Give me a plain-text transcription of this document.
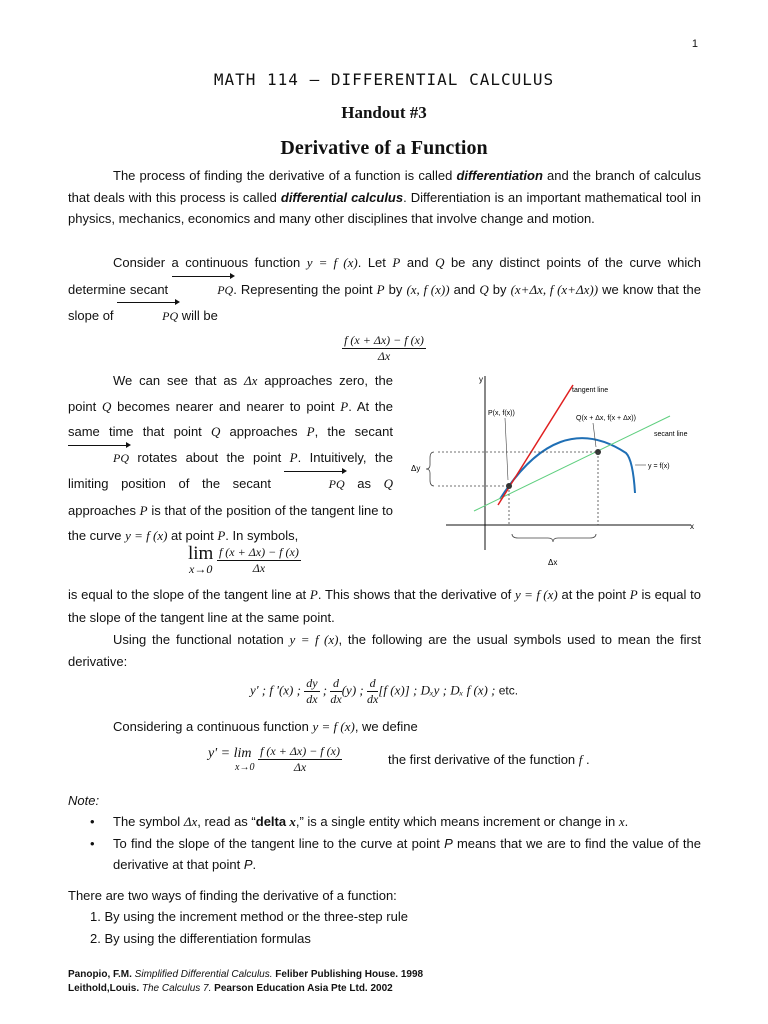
1
MATH 114 – DIFFERENTIAL CALCULUS
Handout #3
Derivative of a Function
The process of finding the derivative of a function is called differentiation and the branch of calculus that deals with this process is called differential calculus. Differentiation is an important mathematical tool in physics, mechanics, economics and many other disciplines that involve change and motion.
Consider a continuous function y = f (x). Let P and Q be any distinct points of the curve which determine secant	PQ. Representing the point P by (x, f (x)) and Q by (x+Δx, f (x+Δx)) we know that the slope of	PQ will be
$\frac{f (x + \Delta x) - f (x)}{\Delta x}$
We can see that as Δx approaches zero, the point Q becomes nearer and nearer to point P. At the same time that point Q approaches P, the secant PQ rotates about the point P. Intuitively, the limiting position of the secant	PQ as Q approaches P is that of the position of the tangent line to the curve y = f (x) at point P. In symbols,
y
x
Δy
Δx
tangent line
secant line
P(x, f(x))
Q(x + Δx, f(x + Δx))
y = f(x)
lim
x→0
$\frac{f (x + \Delta x) - f (x)}{\Delta x}$
is equal to the slope of the tangent line at P. This shows that the derivative of y = f (x) at the point P is equal to the slope of the tangent line at the same point.
Using the functional notation y = f (x), the following are the usual symbols used to mean the first derivative:
y' ; f '(x) ; $\frac{dy}{dx}$ ; $\frac{d}{dx} (y)$ ; $\frac{d}{dx} [f$ (x)] ; Dₓy ; Dₓ f (x) ; etc.
Considering a continuous function y = f (x), we define
y' = lim
x→0
$\frac{f (x + \Delta x) - f (x)}{\Delta x}$	the first derivative of the function f .
Note:
• The symbol Δx, read as “delta x,” is a single entity which means increment or change in x.
• To find the slope of the tangent line to the curve at point P means that we are to find the value of the derivative at that point P.
There are two ways of finding the derivative of a function:
1. By using the increment method or the three-step rule
2. By using the differentiation formulas
Panopio, F.M. Simplified Differential Calculus. Feliber Publishing House. 1998
Leithold,Louis. The Calculus 7. Pearson Education Asia Pte Ltd. 2002
